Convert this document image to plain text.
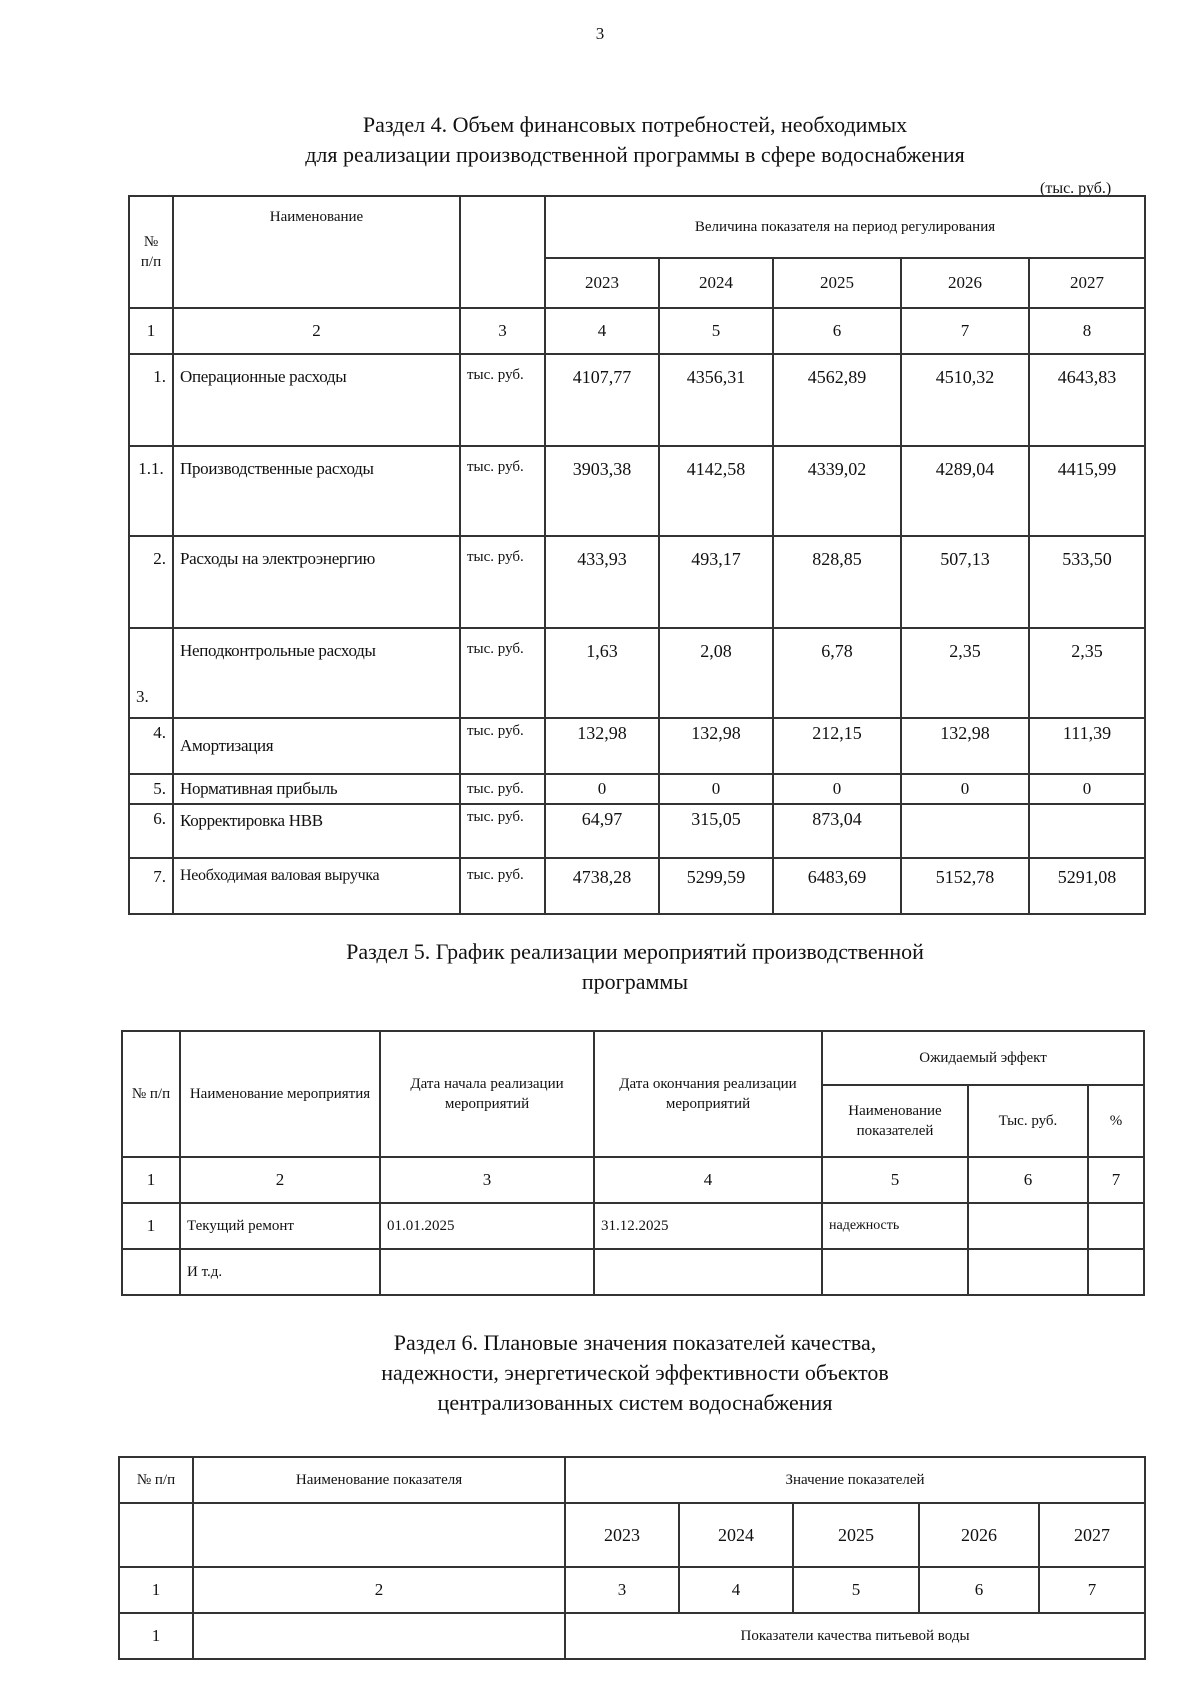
3
Раздел 4. Объем финансовых потребностей, необходимых
для реализации производственной программы в сфере водоснабжения
(тыс. руб.)
№ п/п	Наименование		Величина показателя на период регулирования				
			2023	2024	2025	2026	2027
1	2	3	4	5	6	7	8
1.	Операционные расходы	тыс. руб.	4107,77	4356,31	4562,89	4510,32	4643,83
1.1.	Производственные расходы	тыс. руб.	3903,38	4142,58	4339,02	4289,04	4415,99
2.	Расходы на электроэнергию	тыс. руб.	433,93	493,17	828,85	507,13	533,50
3.	Неподконтрольные расходы	тыс. руб.	1,63	2,08	6,78	2,35	2,35
4.	Амортизация	тыс. руб.	132,98	132,98	212,15	132,98	111,39
5.	Нормативная прибыль	тыс. руб.	0	0	0	0	0
6.	Корректировка НВВ	тыс. руб.	64,97	315,05	873,04		
7.	Необходимая валовая выручка	тыс. руб.	4738,28	5299,59	6483,69	5152,78	5291,08
Раздел 5. График реализации мероприятий производственной
программы
№ п/п	Наименование мероприятия	Дата начала реализации мероприятий	Дата окончания реализации мероприятий	Ожидаемый эффект		
				Наименование показателей	Тыс. руб.	%
1	2	3	4	5	6	7
1	Текущий ремонт	01.01.2025	31.12.2025	надежность		
	И т.д.					
Раздел 6. Плановые значения показателей качества,
надежности, энергетической эффективности объектов
централизованных систем водоснабжения
№ п/п	Наименование показателя	Значение показателей				
		2023	2024	2025	2026	2027
1	2	3	4	5	6	7
1		Показатели качества питьевой воды				
